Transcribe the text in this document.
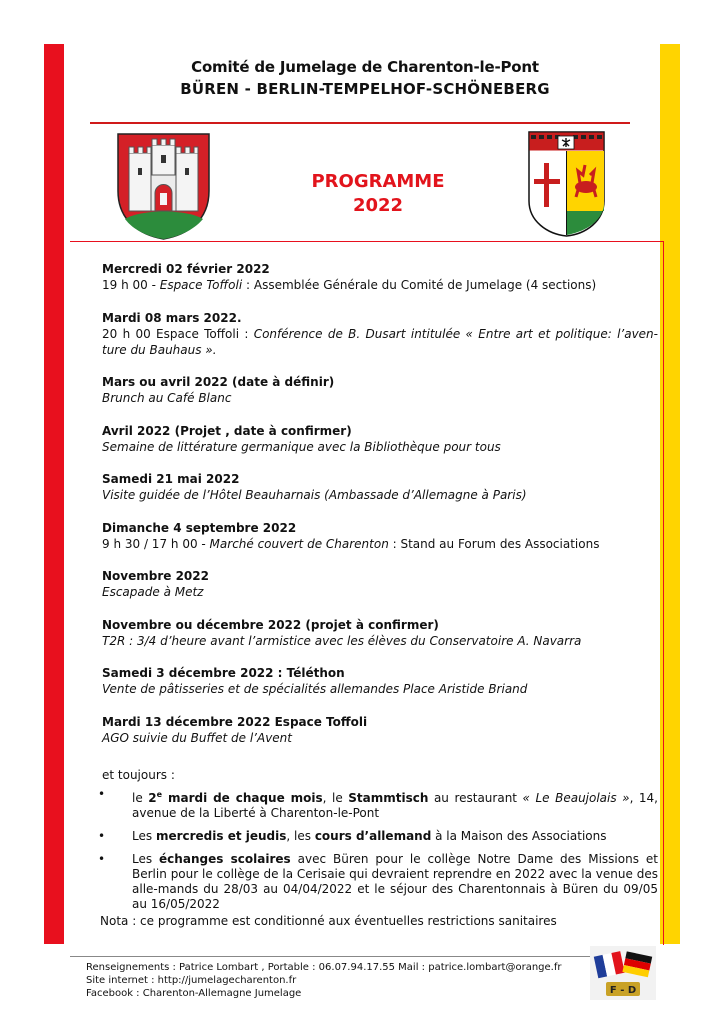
Comité de Jumelage de Charenton-le-Pont

BÜREN - BERLIN-TEMPELHOF-SCHÖNEBERG

PROGRAMME
2022
Mercredi 02 février 2022
19 h 00 - Espace Toffoli : Assemblée Générale du Comité de Jumelage (4 sections)
Mardi 08 mars 2022.
20 h 00 Espace Toffoli : Conférence de B. Dusart intitulée « Entre art et politique: l’aven-ture du Bauhaus ».
Mars ou avril 2022 (date à définir)
Brunch au Café Blanc
Avril 2022 (Projet , date à confirmer)
Semaine de littérature germanique avec la Bibliothèque pour tous
Samedi 21 mai 2022
Visite guidée de l’Hôtel Beauharnais (Ambassade d’Allemagne à Paris)
Dimanche 4 septembre 2022
9 h 30 / 17 h 00 - Marché couvert de Charenton : Stand au Forum des Associations
Novembre 2022
Escapade à Metz
Novembre ou décembre 2022 (projet à confirmer)
T2R : 3/4 d’heure avant l’armistice avec les élèves du Conservatoire A. Navarra
Samedi 3 décembre 2022 : Téléthon
Vente de pâtisseries et de spécialités allemandes Place Aristide Briand
Mardi 13 décembre 2022 Espace Toffoli
AGO suivie du Buffet de l’Avent
et toujours :
• le 2e mardi de chaque mois, le Stammtisch au restaurant « Le Beaujolais », 14, avenue de la Liberté à Charenton-le-Pont
• Les mercredis et jeudis, les cours d’allemand à la Maison des Associations
• Les échanges scolaires avec Büren pour le collège Notre Dame des Missions et Berlin pour le collège de la Cerisaie qui devraient reprendre en 2022 avec la venue des alle-mands du 28/03 au 04/04/2022 et le séjour des Charentonnais à Büren du 09/05 au 16/05/2022
Nota : ce programme est conditionné aux éventuelles restrictions sanitaires
Renseignements : Patrice Lombart , Portable : 06.07.94.17.55 Mail : patrice.lombart@orange.fr
Site internet : http://jumelagecharenton.fr
Facebook : Charenton-Allemagne Jumelage	F - D
